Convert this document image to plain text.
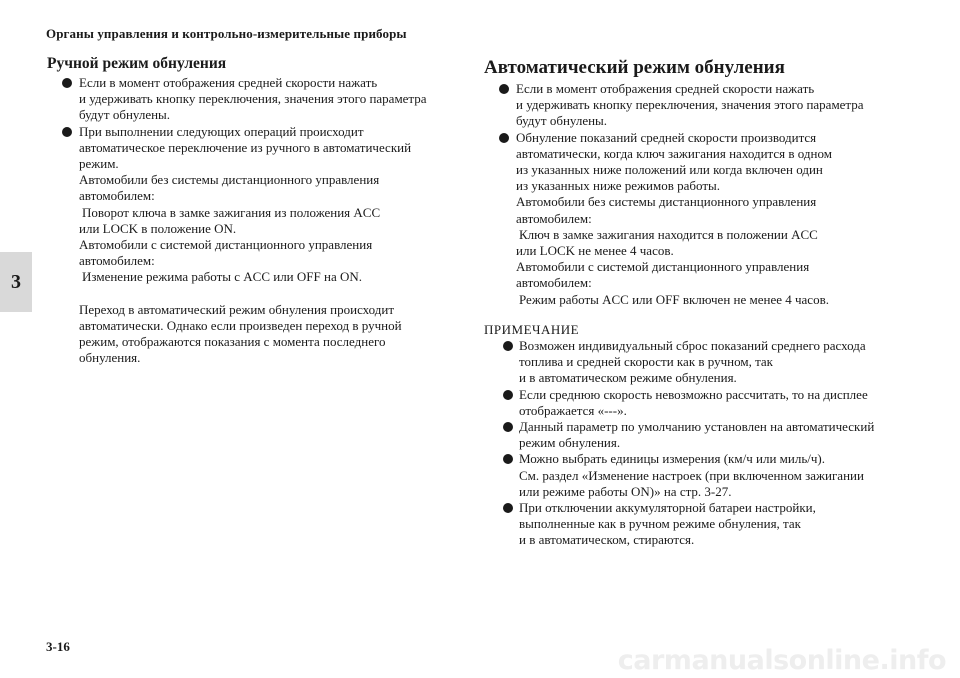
Органы управления и контрольно-измерительные приборы
3
Ручной режим обнуления
Если в момент отображения средней скорости нажать
и удерживать кнопку переключения, значения этого параметра
будут обнулены.
При выполнении следующих операций происходит
автоматическое переключение из ручного в автоматический
режим.
Автомобили без системы дистанционного управления
автомобилем:
Поворот ключа в замке зажигания из положения ACC
или LOCK в положение ON.
Автомобили с системой дистанционного управления
автомобилем:
Изменение режима работы с ACC или OFF на ON.
Переход в автоматический режим обнуления происходит
автоматически. Однако если произведен переход в ручной
режим, отображаются показания с момента последнего
обнуления.
Автоматический режим обнуления
Если в момент отображения средней скорости нажать
и удерживать кнопку переключения, значения этого параметра
будут обнулены.
Обнуление показаний средней скорости производится
автоматически, когда ключ зажигания находится в одном
из указанных ниже положений или когда включен один
из указанных ниже режимов работы.
Автомобили без системы дистанционного управления
автомобилем:
Ключ в замке зажигания находится в положении ACC
или LOCK не менее 4 часов.
Автомобили с системой дистанционного управления
автомобилем:
Режим работы ACC или OFF включен не менее 4 часов.
ПРИМЕЧАНИЕ
Возможен индивидуальный сброс показаний среднего расхода
топлива и средней скорости как в ручном, так
и в автоматическом режиме обнуления.
Если среднюю скорость невозможно рассчитать, то на дисплее
отображается «---».
Данный параметр по умолчанию установлен на автоматический
режим обнуления.
Можно выбрать единицы измерения (км/ч или миль/ч).
См. раздел «Изменение настроек (при включенном зажигании
или режиме работы ON)» на стр. 3-27.
При отключении аккумуляторной батареи настройки,
выполненные как в ручном режиме обнуления, так
и в автоматическом, стираются.
3-16	carmanualsonline.info
